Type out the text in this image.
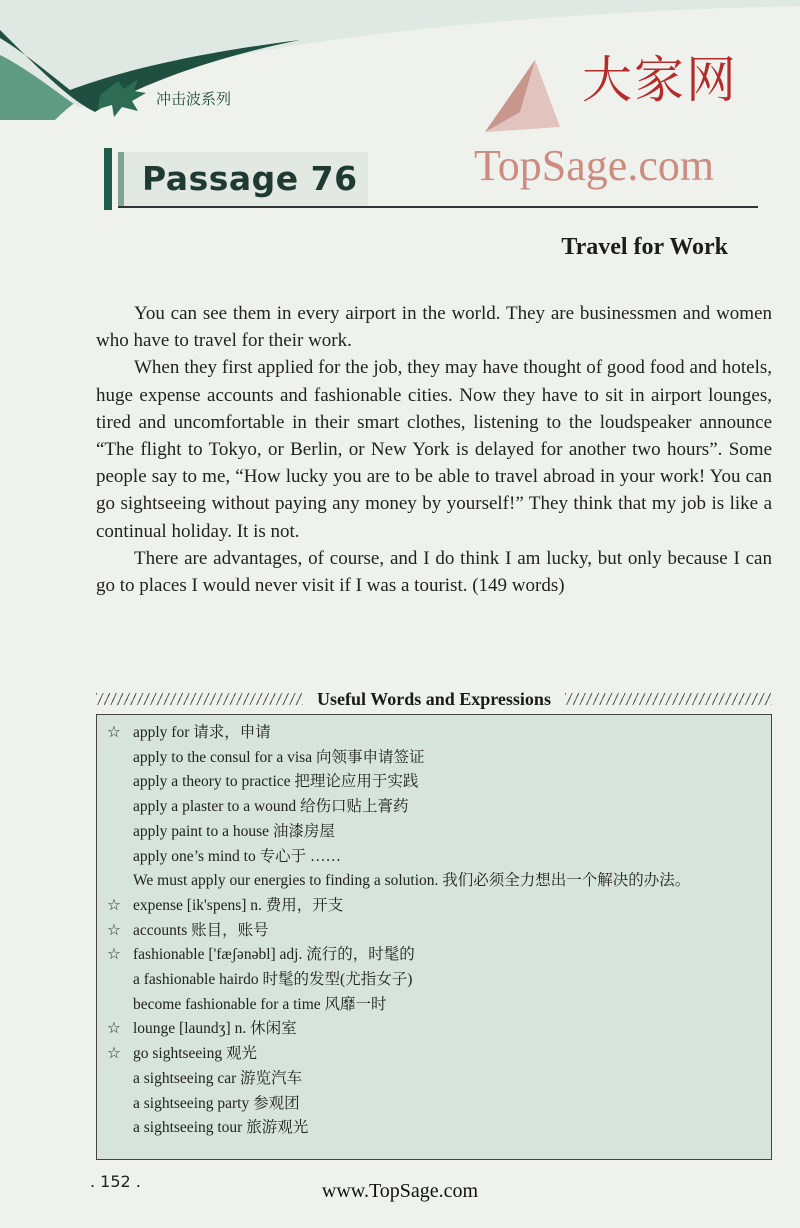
冲击波系列	大家网
TopSage.com
Passage 76
Travel for Work

You can see them in every airport in the world. They are businessmen and women who have to travel for their work.

When they first applied for the job, they may have thought of good food and hotels, huge expense accounts and fashionable cities. Now they have to sit in airport lounges, tired and uncomfortable in their smart clothes, listening to the loudspeaker announce “The flight to Tokyo, or Berlin, or New York is delayed for another two hours”. Some people say to me, “How lucky you are to be able to travel abroad in your work! You can go sightseeing without paying any money by yourself!” They think that my job is like a continual holiday. It is not.

There are advantages, of course, and I do think I am lucky, but only because I can go to places I would never visit if I was a tourist. (149 words)

Useful Words and Expressions
☆ apply for 请求，申请
apply to the consul for a visa 向领事申请签证
apply a theory to practice 把理论应用于实践
apply a plaster to a wound 给伤口贴上膏药
apply paint to a house 油漆房屋
apply one’s mind to 专心于 ……
We must apply our energies to finding a solution. 我们必须全力想出一个解决的办法。
☆ expense [ik'spens] n. 费用，开支
☆ accounts 账目，账号
☆ fashionable ['fæʃənəbl] adj. 流行的，时髦的
a fashionable hairdo 时髦的发型(尤指女子)
become fashionable for a time 风靡一时
☆ lounge [laundʒ] n. 休闲室
☆ go sightseeing 观光
a sightseeing car 游览汽车
a sightseeing party 参观团
a sightseeing tour 旅游观光
. 152 .	www.TopSage.com
